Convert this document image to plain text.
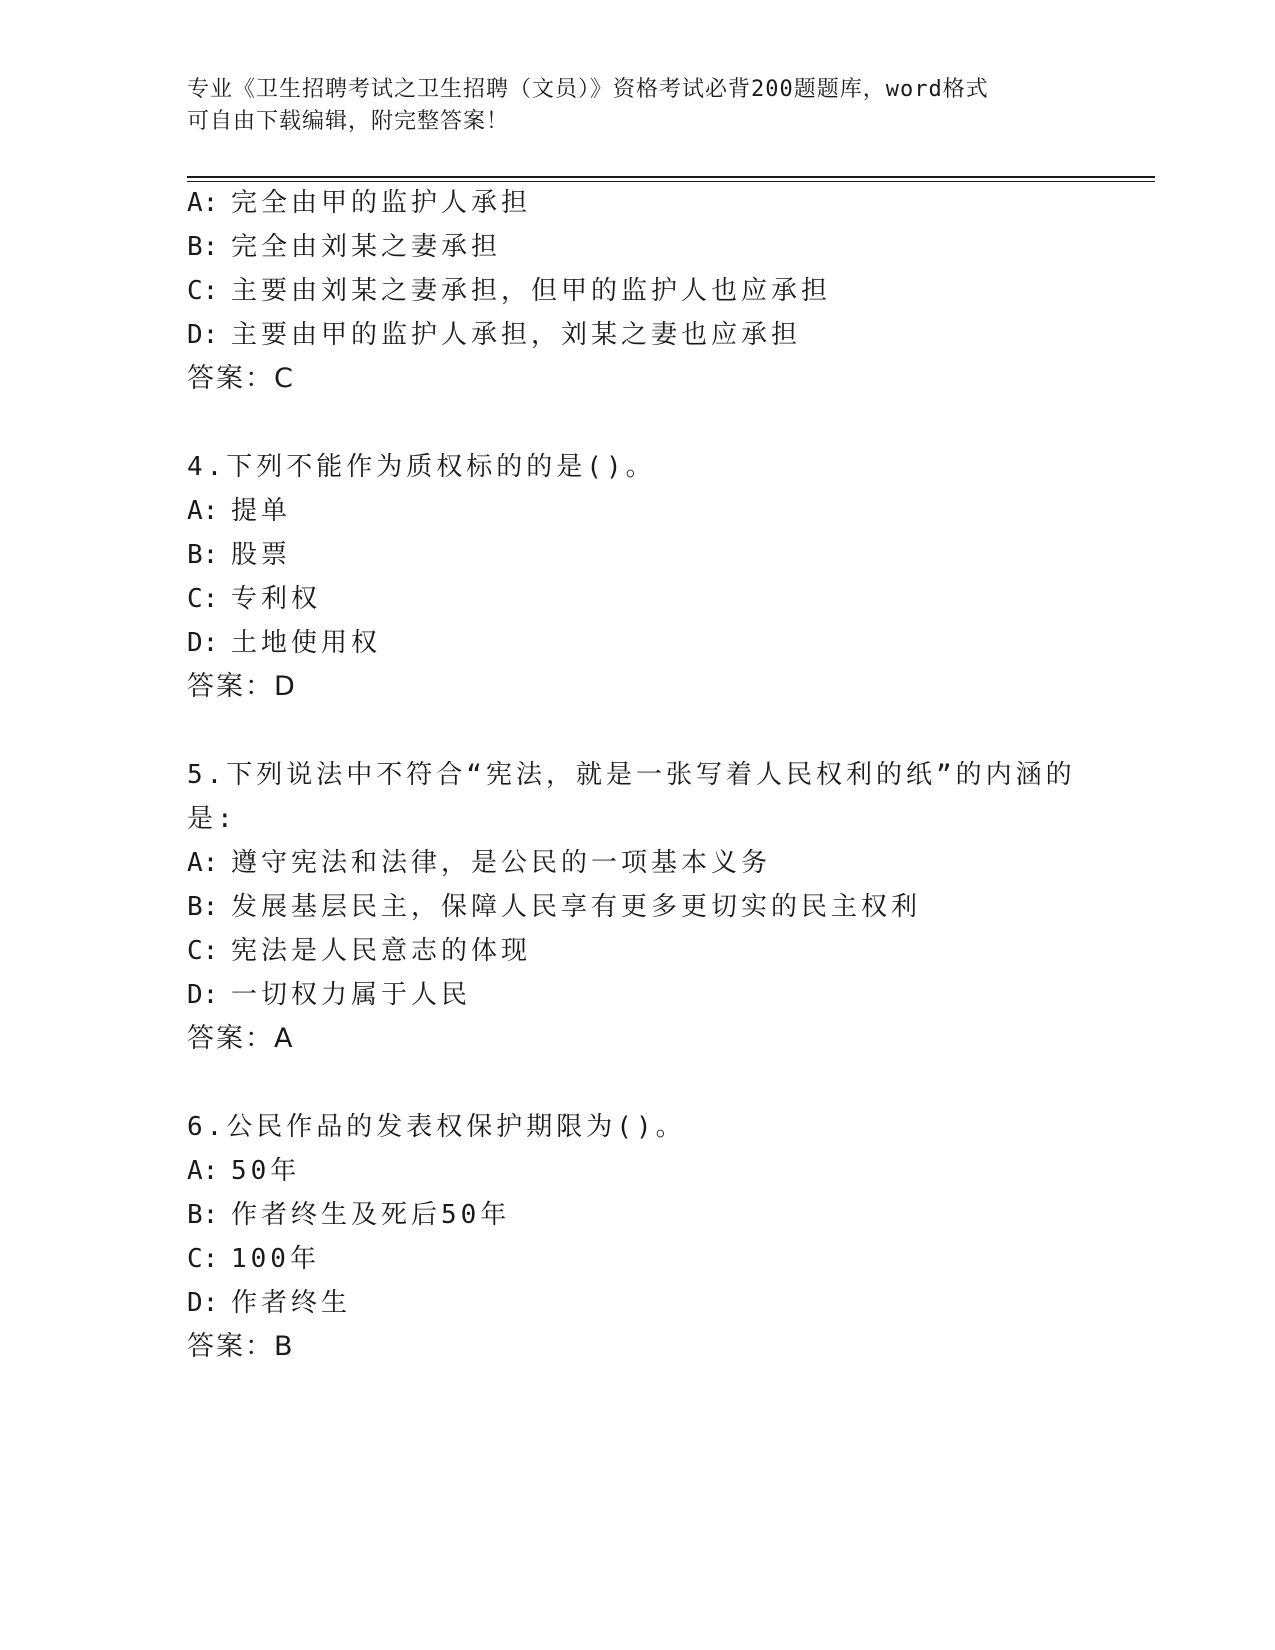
专业《卫生招聘考试之卫生招聘（文员）》资格考试必背200题题库，word格式
可自由下载编辑，附完整答案！
A: 完全由甲的监护人承担
B: 完全由刘某之妻承担
C: 主要由刘某之妻承担，但甲的监护人也应承担
D: 主要由甲的监护人承担，刘某之妻也应承担
答案：C
4.下列不能作为质权标的的是()。
A: 提单
B: 股票
C: 专利权
D: 土地使用权
答案：D
5.下列说法中不符合“宪法，就是一张写着人民权利的纸”的内涵的
是:
A: 遵守宪法和法律，是公民的一项基本义务
B: 发展基层民主，保障人民享有更多更切实的民主权利
C: 宪法是人民意志的体现
D: 一切权力属于人民
答案：A
6.公民作品的发表权保护期限为()。
A: 50年
B: 作者终生及死后50年
C: 100年
D: 作者终生
答案：B
